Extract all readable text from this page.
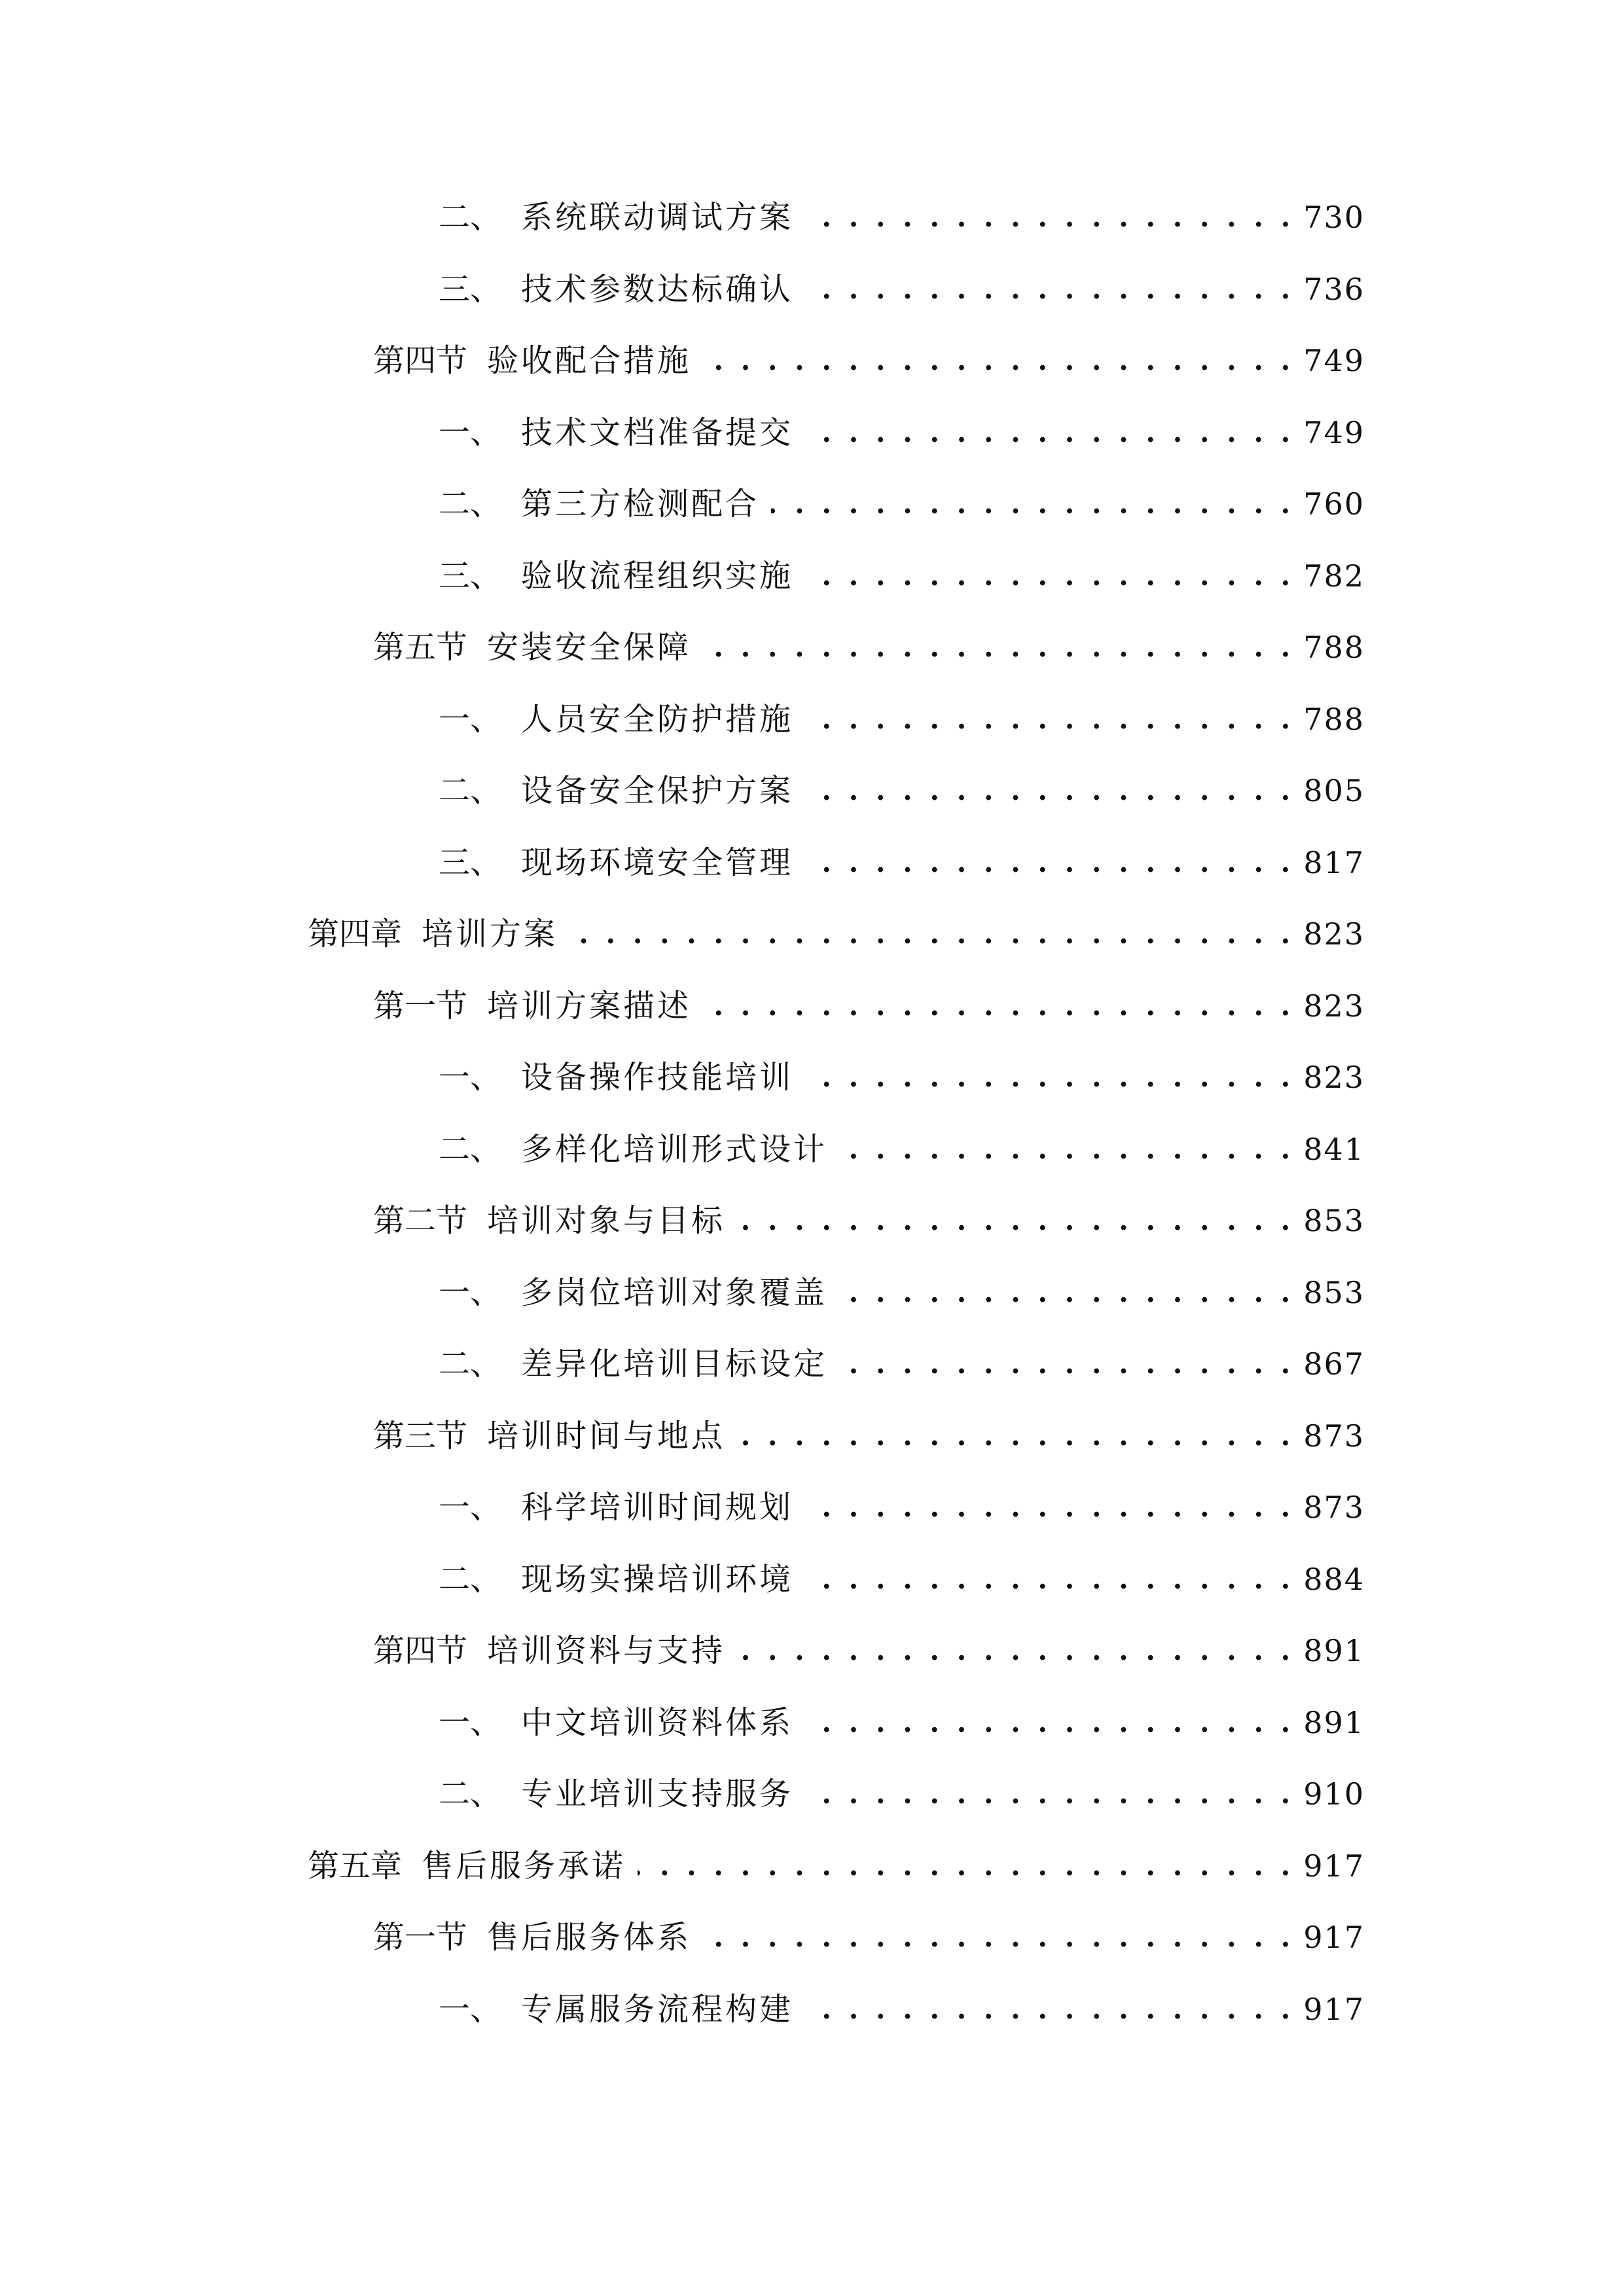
二、 系统联动调试方案 . . .	730
三、 技术参数达标确认 . . .	736
第四节 验收配合措施 . . .	749
一、 技术文档准备提交 . . .	749
二、 第三方检测配合 . . .	760
三、 验收流程组织实施 . . .	782
第五节 安装安全保障 . . .	788
一、 人员安全防护措施 . . .	788
二、 设备安全保护方案 . . .	805
三、 现场环境安全管理 . . .	817
第四章 培训方案 . . .	823
第一节 培训方案描述 . . .	823
一、 设备操作技能培训 . . .	823
二、 多样化培训形式设计 . . .	841
第二节 培训对象与目标 . . .	853
一、 多岗位培训对象覆盖 . . .	853
二、 差异化培训目标设定 . . .	867
第三节 培训时间与地点 . . .	873
一、 科学培训时间规划 . . .	873
二、 现场实操培训环境 . . .	884
第四节 培训资料与支持 . . .	891
一、 中文培训资料体系 . . .	891
二、 专业培训支持服务 . . .	910
第五章 售后服务承诺 . . .	917
第一节 售后服务体系 . . .	917
一、 专属服务流程构建 . . .	917
